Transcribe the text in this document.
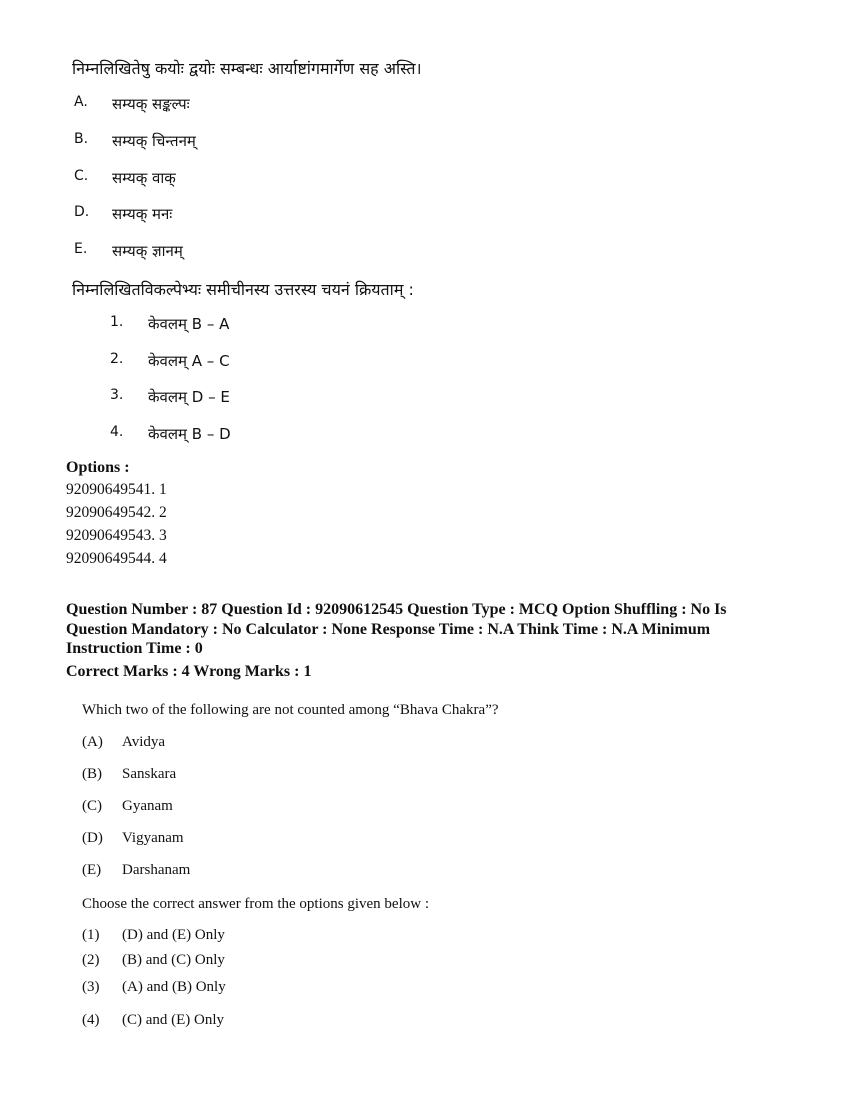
निम्नलिखितेषु कयोः द्वयोः सम्बन्धः आर्याष्टांगमार्गेण सह अस्ति।
A. सम्यक् सङ्कल्पः
B. सम्यक् चिन्तनम्
C. सम्यक् वाक्
D. सम्यक् मनः
E. सम्यक् ज्ञानम्
निम्नलिखितविकल्पेभ्यः समीचीनस्य उत्तरस्य चयनं क्रियताम् :
1. केवलम् B – A
2. केवलम् A – C
3. केवलम् D – E
4. केवलम् B – D
Options :
92090649541. 1
92090649542. 2
92090649543. 3
92090649544. 4
Question Number : 87 Question Id : 92090612545 Question Type : MCQ Option Shuffling : No Is
Question Mandatory : No Calculator : None Response Time : N.A Think Time : N.A Minimum
Instruction Time : 0
Correct Marks : 4 Wrong Marks : 1
Which two of the following are not counted among “Bhava Chakra”?
(A) Avidya
(B) Sanskara
(C) Gyanam
(D) Vigyanam
(E) Darshanam
Choose the correct answer from the options given below :
(1) (D) and (E) Only
(2) (B) and (C) Only
(3) (A) and (B) Only
(4) (C) and (E) Only
